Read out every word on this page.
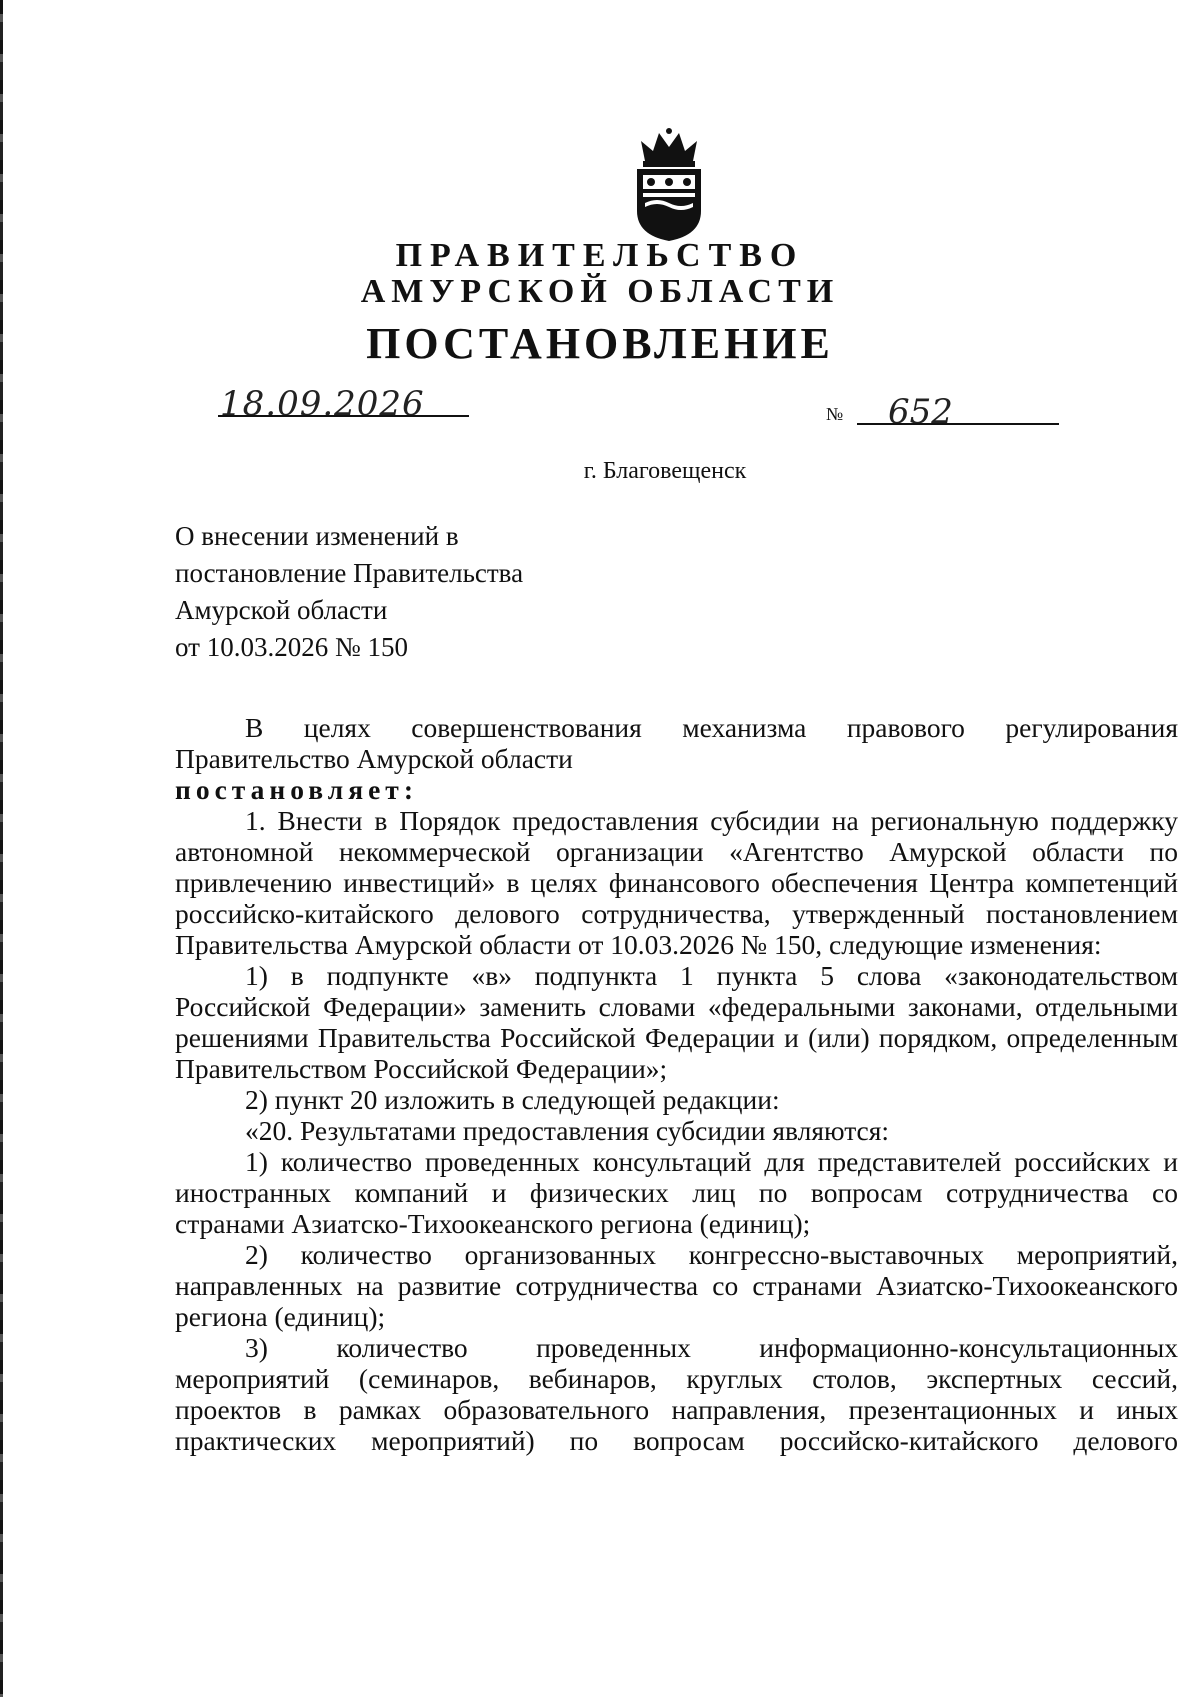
ПРАВИТЕЛЬСТВО
АМУРСКОЙ ОБЛАСТИ
ПОСТАНОВЛЕНИЕ
18.09.2026	№ 652
г. Благовещенск
О внесении изменений в
постановление Правительства
Амурской области
от 10.03.2026 № 150

В целях совершенствования механизма правового регулирования

Правительство Амурской области

постановляет:

1. Внести в Порядок предоставления субсидии на региональную поддержку

автономной некоммерческой организации «Агентство Амурской области по

привлечению инвестиций» в целях финансового обеспечения Центра компетенций

российско-китайского делового сотрудничества, утвержденный постановлением

Правительства Амурской области от 10.03.2026 № 150, следующие изменения:

1) в подпункте «в» подпункта 1 пункта 5 слова «законодательством

Российской Федерации» заменить словами «федеральными законами, отдельными

решениями Правительства Российской Федерации и (или) порядком, определенным

Правительством Российской Федерации»;

2) пункт 20 изложить в следующей редакции:

«20. Результатами предоставления субсидии являются:

1) количество проведенных консультаций для представителей российских и

иностранных компаний и физических лиц по вопросам сотрудничества со

странами Азиатско-Тихоокеанского региона (единиц);

2) количество организованных конгрессно-выставочных мероприятий,

направленных на развитие сотрудничества со странами Азиатско-Тихоокеанского

региона (единиц);

3) количество проведенных информационно-консультационных

мероприятий (семинаров, вебинаров, круглых столов, экспертных сессий,

проектов в рамках образовательного направления, презентационных и иных

практических мероприятий) по вопросам российско-китайского делового
